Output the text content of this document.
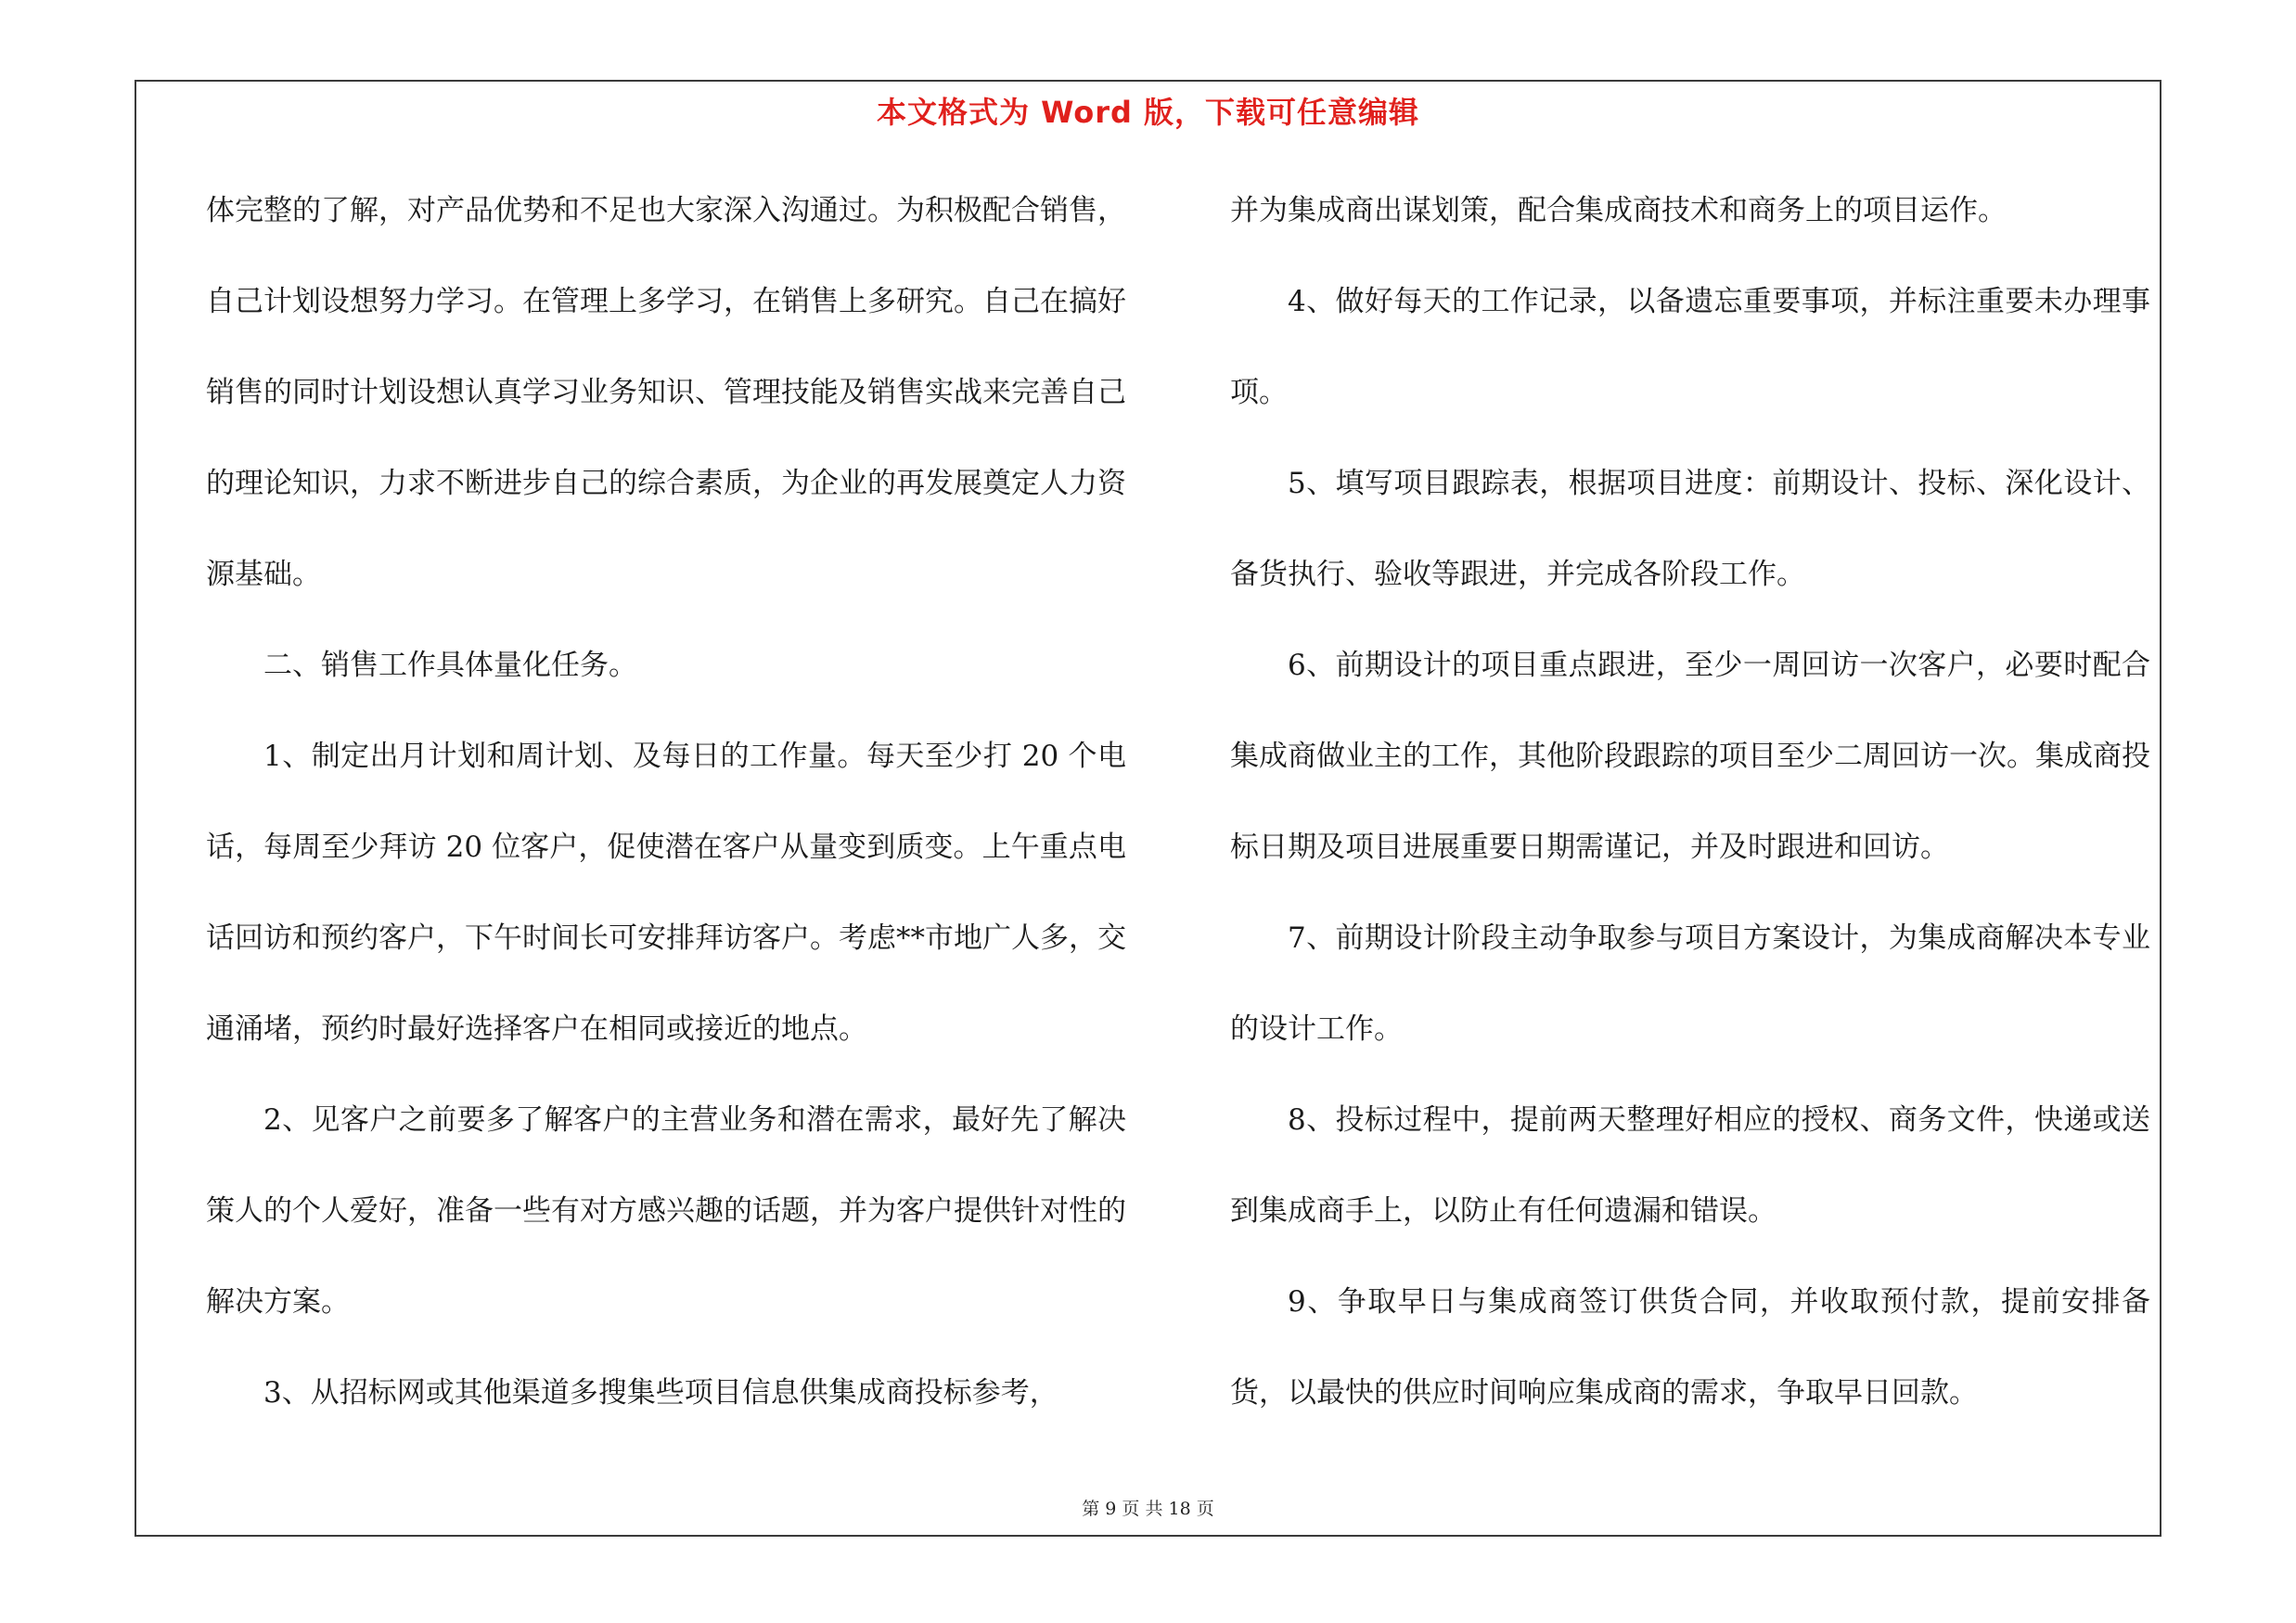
本文格式为 Word 版，下载可任意编辑

体完整的了解，对产品优势和不足也大家深入沟通过。为积极配合销售，自己计划设想努力学习。在管理上多学习，在销售上多研究。自己在搞好销售的同时计划设想认真学习业务知识、管理技能及销售实战来完善自己的理论知识，力求不断进步自己的综合素质，为企业的再发展奠定人力资源基础。

二、销售工作具体量化任务。

1、制定出月计划和周计划、及每日的工作量。每天至少打 20 个电话，每周至少拜访 20 位客户，促使潜在客户从量变到质变。上午重点电话回访和预约客户，下午时间长可安排拜访客户。考虑**市地广人多，交通涌堵，预约时最好选择客户在相同或接近的地点。

2、见客户之前要多了解客户的主营业务和潜在需求，最好先了解决策人的个人爱好，准备一些有对方感兴趣的话题，并为客户提供针对性的解决方案。

3、从招标网或其他渠道多搜集些项目信息供集成商投标参考，

并为集成商出谋划策，配合集成商技术和商务上的项目运作。

4、做好每天的工作记录，以备遗忘重要事项，并标注重要未办理事项。

5、填写项目跟踪表，根据项目进度：前期设计、投标、深化设计、备货执行、验收等跟进，并完成各阶段工作。

6、前期设计的项目重点跟进，至少一周回访一次客户，必要时配合集成商做业主的工作，其他阶段跟踪的项目至少二周回访一次。集成商投标日期及项目进展重要日期需谨记，并及时跟进和回访。

7、前期设计阶段主动争取参与项目方案设计，为集成商解决本专业的设计工作。

8、投标过程中，提前两天整理好相应的授权、商务文件，快递或送到集成商手上，以防止有任何遗漏和错误。

9、争取早日与集成商签订供货合同，并收取预付款，提前安排备货，以最快的供应时间响应集成商的需求，争取早日回款。

第 9 页 共 18 页
